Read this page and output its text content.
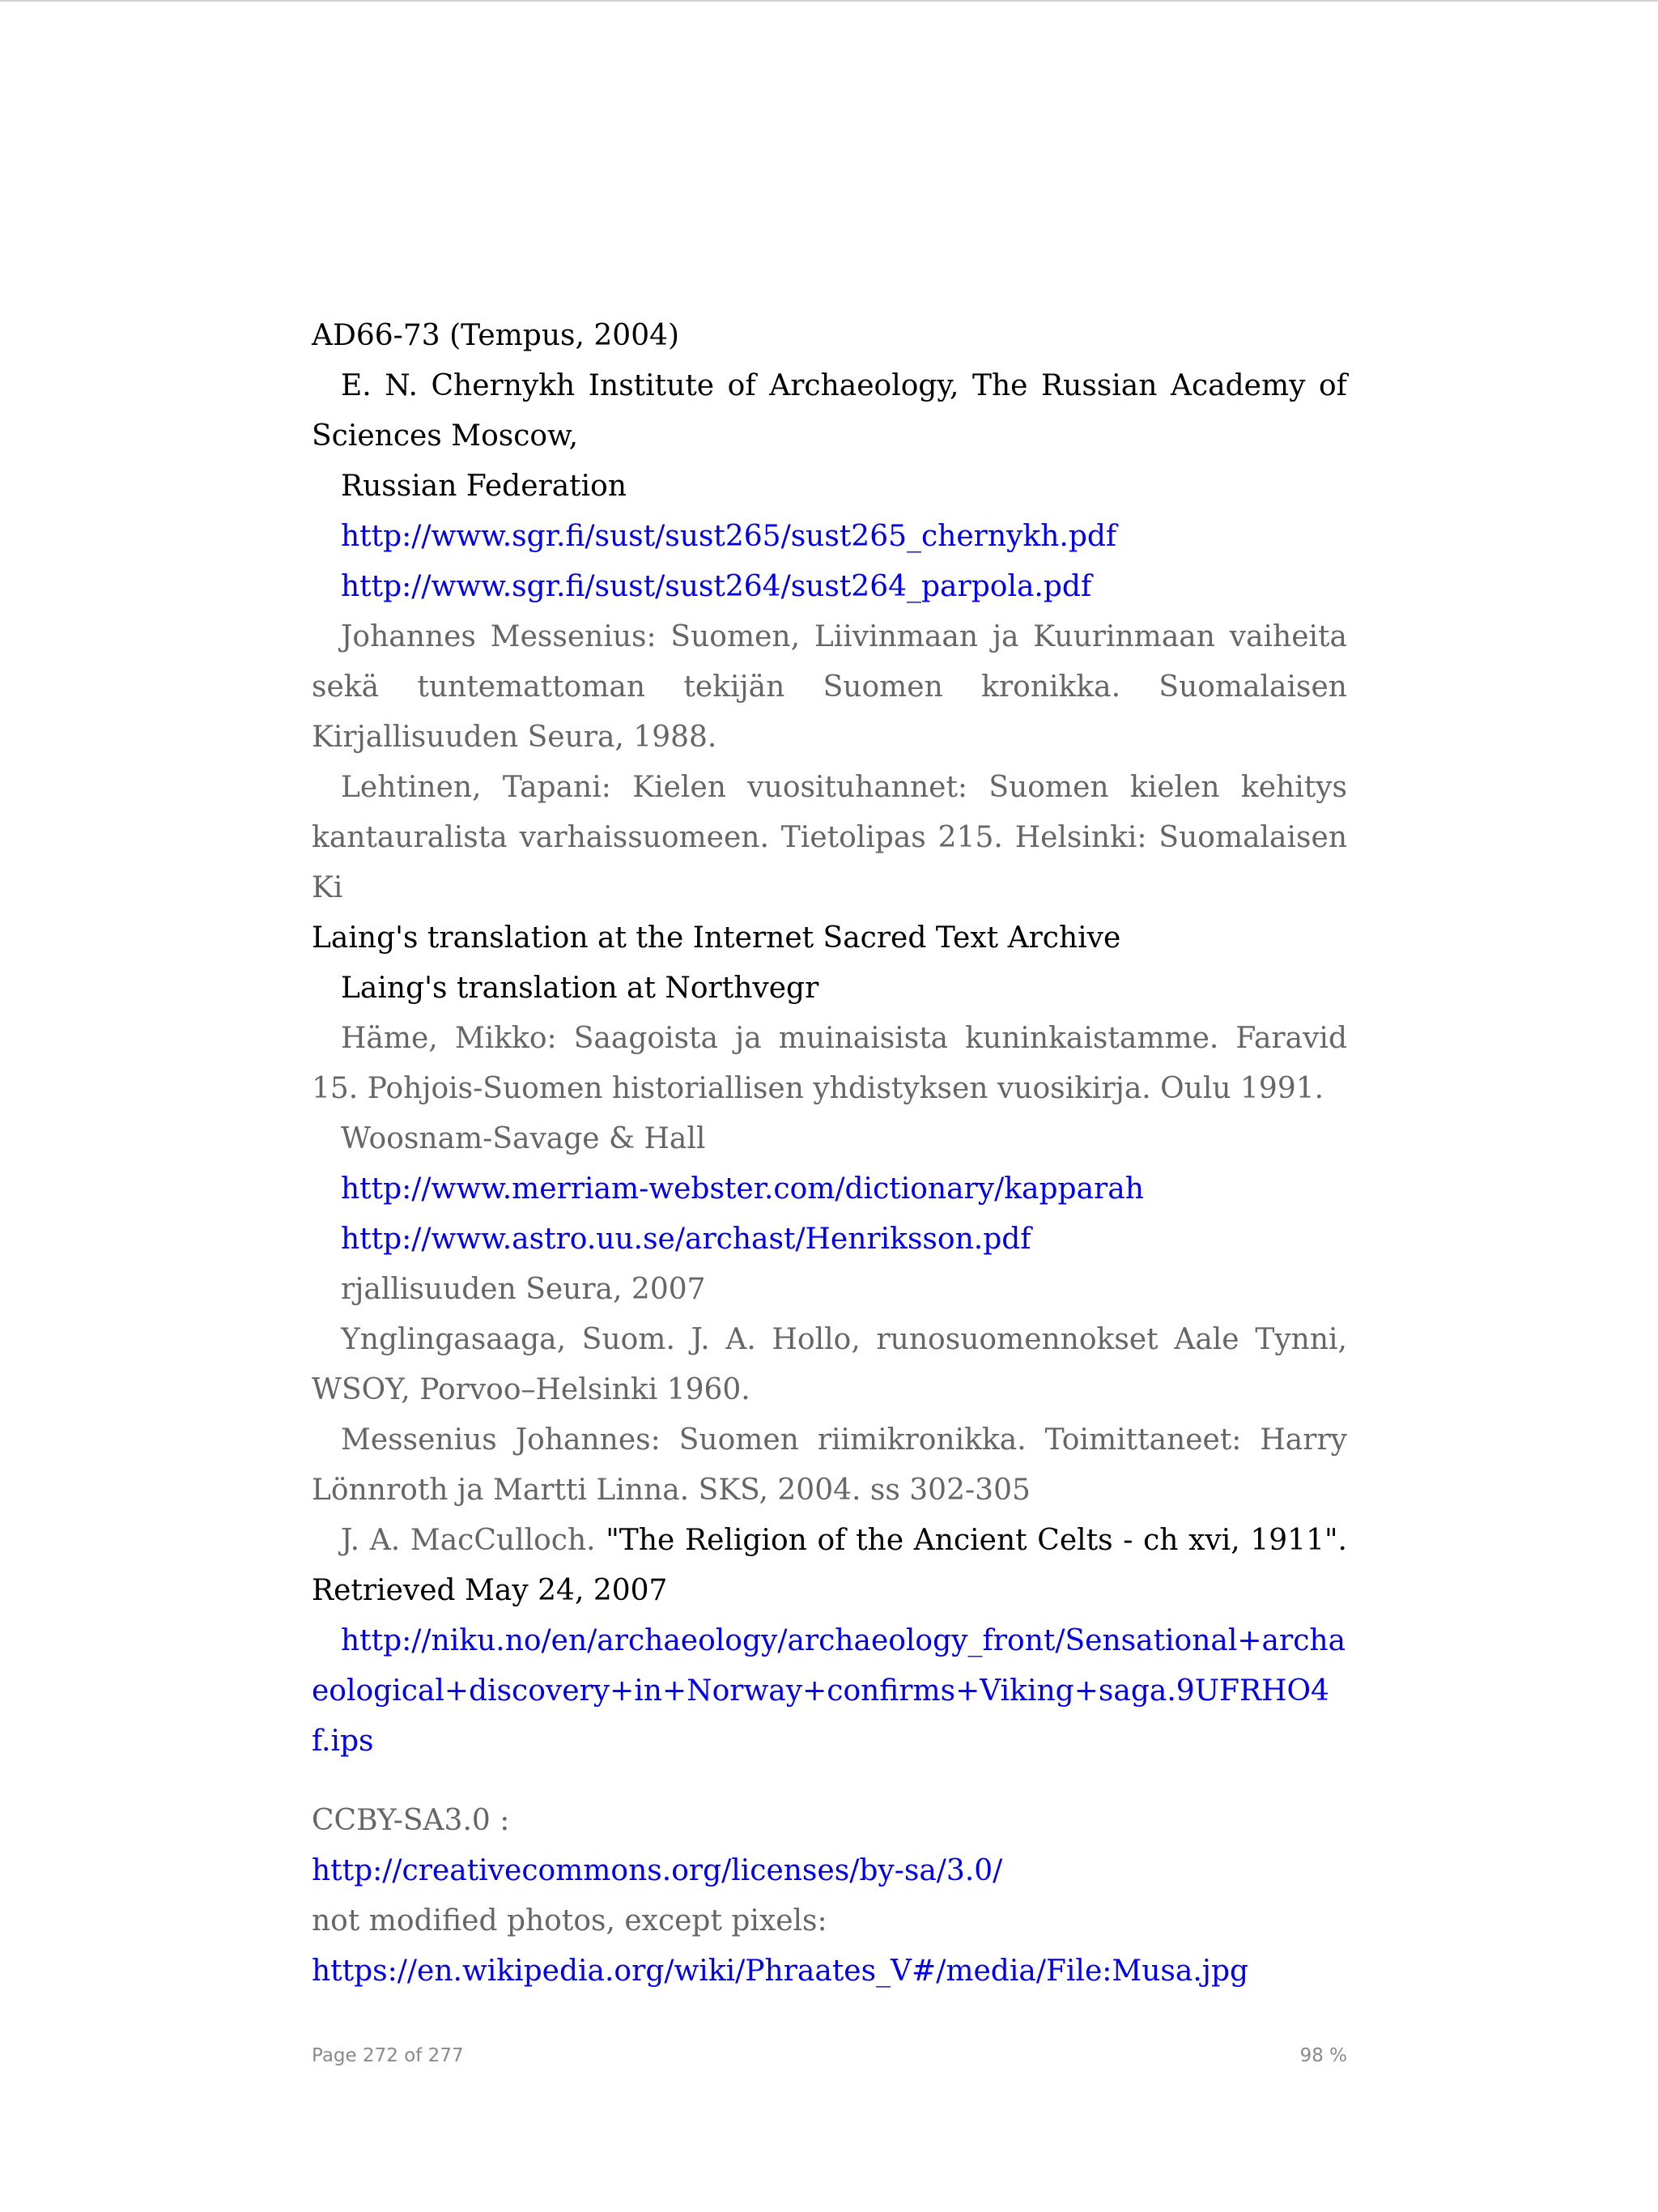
AD66-73 (Tempus, 2004)

E. N. Chernykh Institute of Archaeology, The Russian Academy of Sciences Moscow,

Russian Federation

http://www.sgr.fi/sust/sust265/sust265_chernykh.pdf

http://www.sgr.fi/sust/sust264/sust264_parpola.pdf

Johannes Messenius: Suomen, Liivinmaan ja Kuurinmaan vaiheita sekä tuntemattoman tekijän Suomen kronikka. Suomalaisen Kirjallisuuden Seura, 1988.

Lehtinen, Tapani: Kielen vuosituhannet: Suomen kielen kehitys kantauralista varhaissuomeen. Tietolipas 215. Helsinki: Suomalaisen Ki

Laing's translation at the Internet Sacred Text Archive

Laing's translation at Northvegr

Häme, Mikko: Saagoista ja muinaisista kuninkaistamme. Faravid 15. Pohjois-Suomen historiallisen yhdistyksen vuosikirja. Oulu 1991.

Woosnam-Savage & Hall

http://www.merriam-webster.com/dictionary/kapparah

http://www.astro.uu.se/archast/Henriksson.pdf

rjallisuuden Seura, 2007

Ynglingasaaga, Suom. J. A. Hollo, runosuomennokset Aale Tynni, WSOY, Porvoo–Helsinki 1960.

Messenius Johannes: Suomen riimikronikka. Toimittaneet: Harry Lönnroth ja Martti Linna. SKS, 2004. ss 302-305

J. A. MacCulloch. "The Religion of the Ancient Celts - ch xvi, 1911". Retrieved May 24, 2007

http://niku.no/en/archaeology/archaeology_front/Sensational+archaeological+discovery+in+Norway+confirms+Viking+saga.9UFRHO4f.ips

CCBY-SA3.0 :

http://creativecommons.org/licenses/by-sa/3.0/

not modified photos, except pixels:

https://en.wikipedia.org/wiki/Phraates_V#/media/File:Musa.jpg

Page 272 of 277	98 %
